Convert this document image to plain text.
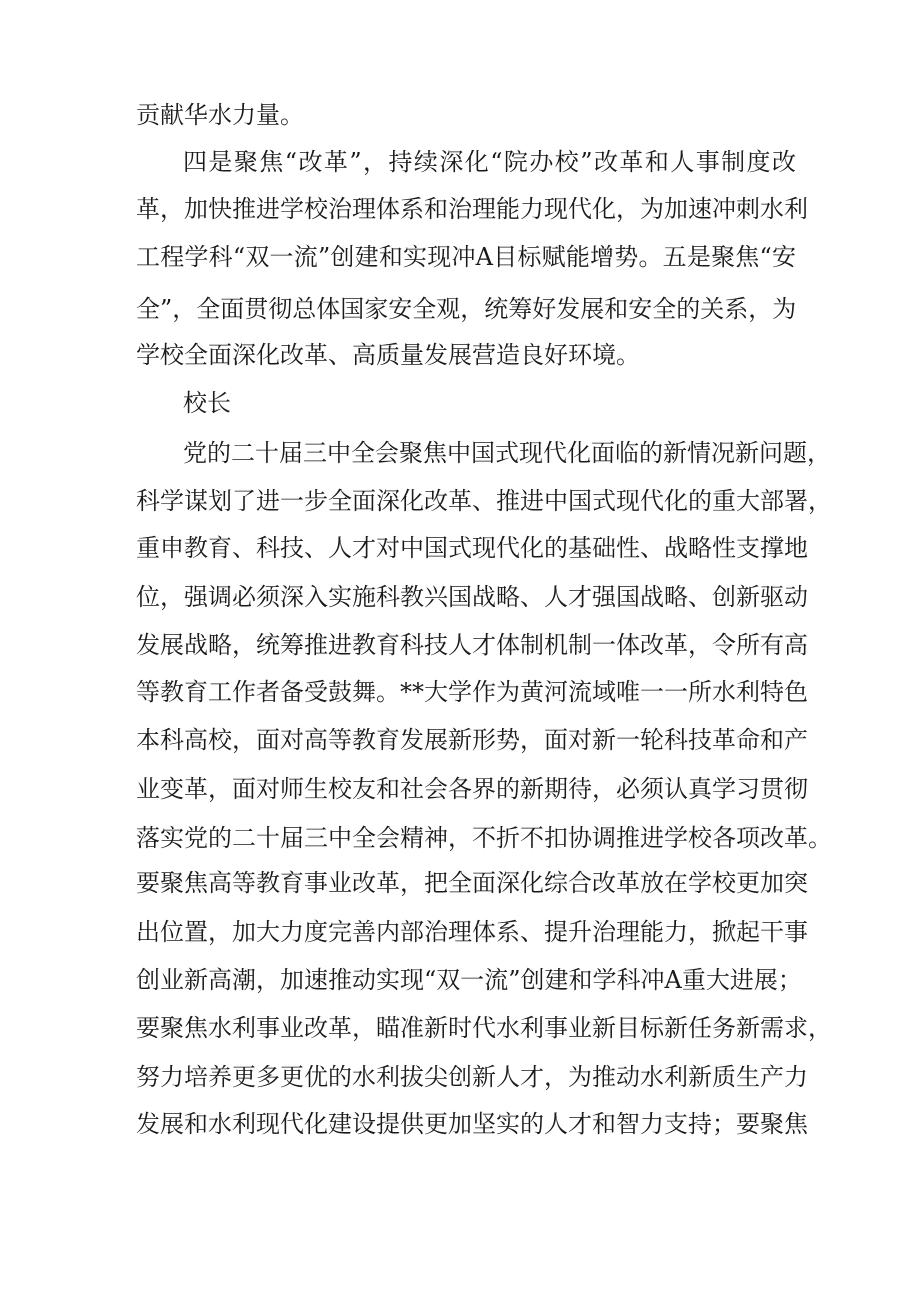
贡献华水力量。
四是聚焦“改革”，持续深化“院办校”改革和人事制度改
革，加快推进学校治理体系和治理能力现代化，为加速冲刺水利
工程学科“双一流”创建和实现冲A目标赋能增势。五是聚焦“安
全”，全面贯彻总体国家安全观，统筹好发展和安全的关系，为
学校全面深化改革、高质量发展营造良好环境。
校长
党的二十届三中全会聚焦中国式现代化面临的新情况新问题，
科学谋划了进一步全面深化改革、推进中国式现代化的重大部署，
重申教育、科技、人才对中国式现代化的基础性、战略性支撑地
位，强调必须深入实施科教兴国战略、人才强国战略、创新驱动
发展战略，统筹推进教育科技人才体制机制一体改革，令所有高
等教育工作者备受鼓舞。**大学作为黄河流域唯一一所水利特色
本科高校，面对高等教育发展新形势，面对新一轮科技革命和产
业变革，面对师生校友和社会各界的新期待，必须认真学习贯彻
落实党的二十届三中全会精神，不折不扣协调推进学校各项改革。
要聚焦高等教育事业改革，把全面深化综合改革放在学校更加突
出位置，加大力度完善内部治理体系、提升治理能力，掀起干事
创业新高潮，加速推动实现“双一流”创建和学科冲A重大进展；
要聚焦水利事业改革，瞄准新时代水利事业新目标新任务新需求，
努力培养更多更优的水利拔尖创新人才，为推动水利新质生产力
发展和水利现代化建设提供更加坚实的人才和智力支持；要聚焦
